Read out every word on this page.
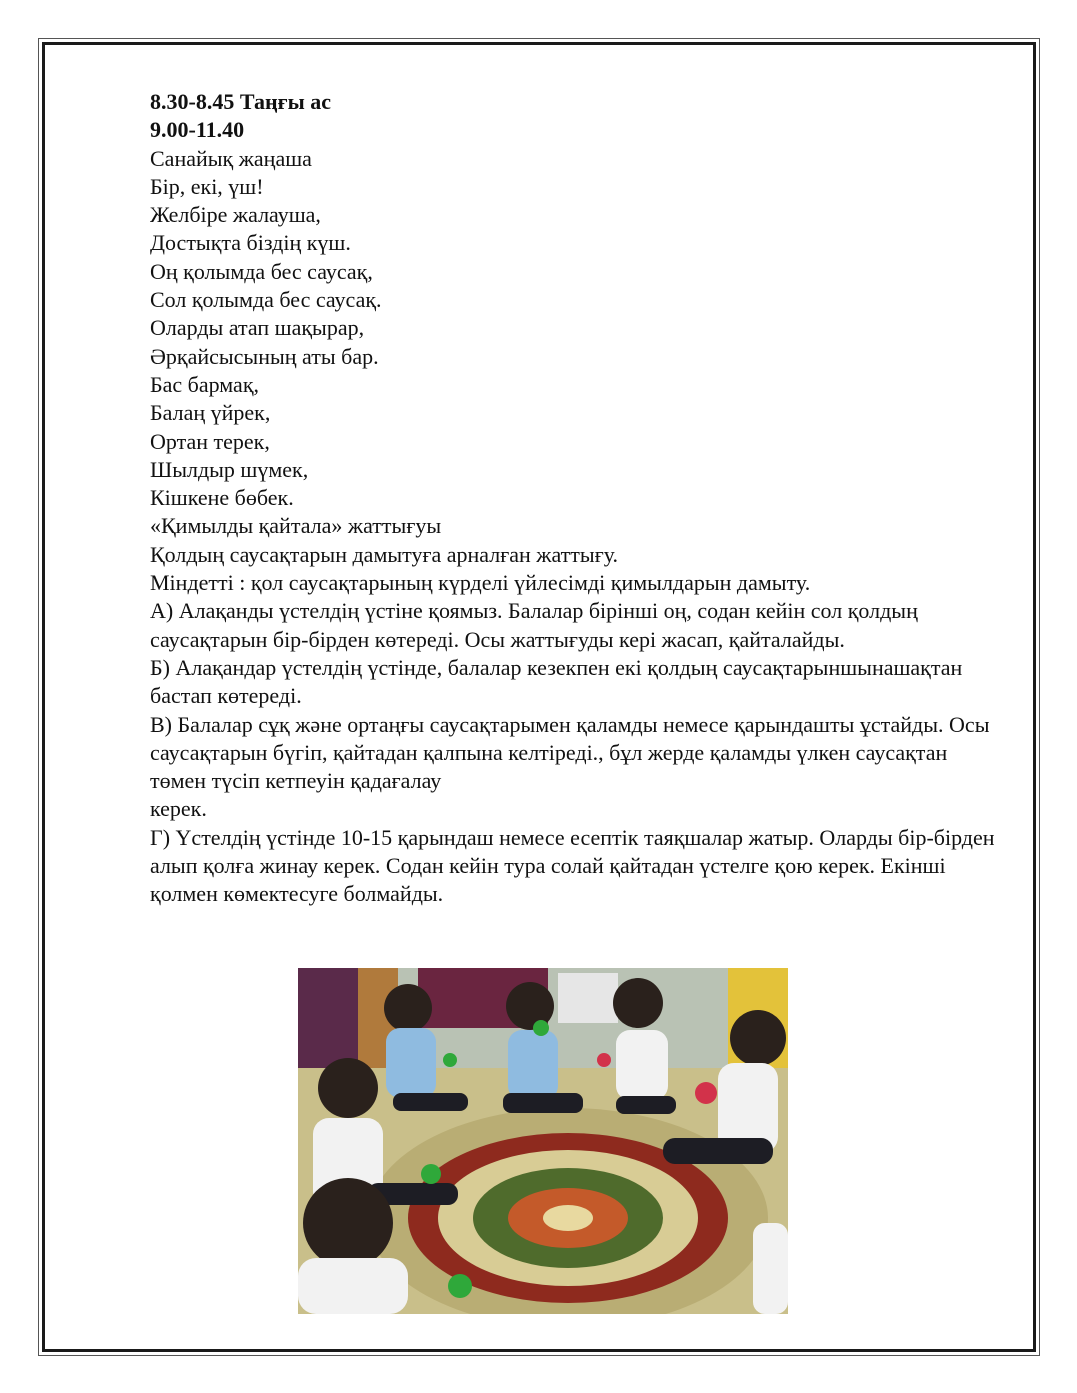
8.30-8.45 Таңғы ас
9.00-11.40
Санайық жаңаша
Бір, екі, үш!
Желбіре жалауша,
Достықта біздің күш.
Оң қолымда бес саусақ,
Сол қолымда бес саусақ.
Оларды атап шақырар,
Әрқайсысының аты бар.
Бас бармақ,
Балаң үйрек,
Ортан терек,
Шылдыр шүмек,
Кішкене бөбек.
«Қимылды қайтала» жаттығуы
Қолдың саусақтарын дамытуға арналған жаттығу.
Міндетті : қол саусақтарының күрделі үйлесімді қимылдарын дамыту.
А) Алақанды үстелдің үстіне қоямыз. Балалар бірінші оң, содан кейін сол қолдың саусақтарын бір-бірден көтереді. Осы жаттығуды кері жасап, қайталайды.
Б) Алақандар үстелдің үстінде, балалар кезекпен екі қолдың саусақтарыншынашақтан бастап көтереді.
В) Балалар сұқ және ортаңғы саусақтарымен қаламды немесе қарындашты ұстайды. Осы саусақтарын бүгіп, қайтадан қалпына келтіреді., бұл жерде қаламды үлкен саусақтан төмен түсіп кетпеуін қадағалау
керек.
Г) Үстелдің үстінде 10-15 қарындаш немесе есептік таяқшалар жатыр. Оларды бір-бірден алып қолға жинау керек. Содан кейін тура солай қайтадан үстелге қою керек. Екінші қолмен көмектесуге болмайды.
